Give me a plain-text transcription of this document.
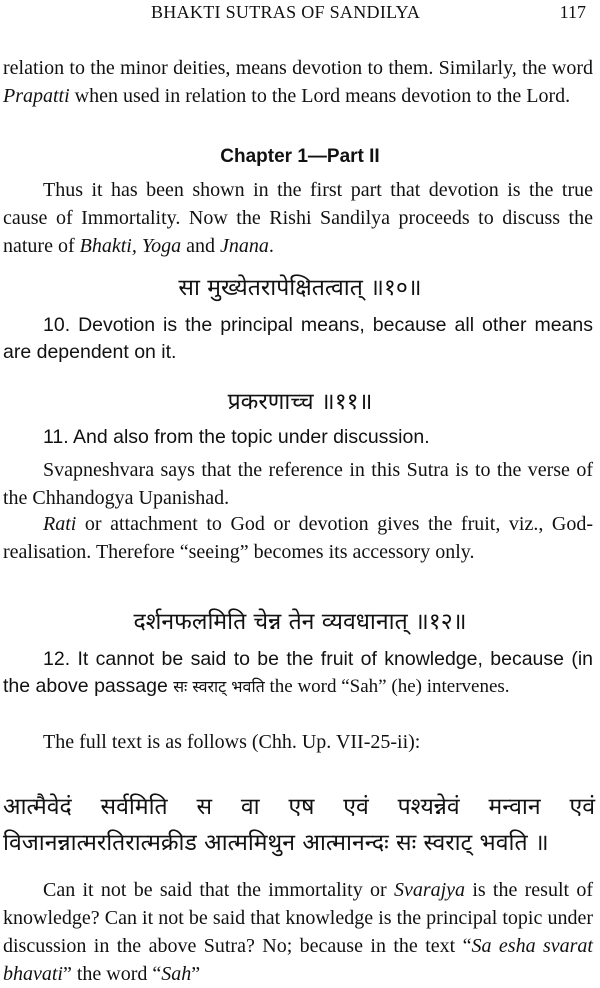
BHAKTI SUTRAS OF SANDILYA	117

relation to the minor deities, means devotion to them. Similarly, the word Prapatti when used in relation to the Lord means devotion to the Lord.

Chapter 1—Part II

Thus it has been shown in the first part that devotion is the true cause of Immortality. Now the Rishi Sandilya proceeds to discuss the nature of Bhakti, Yoga and Jnana.

सा मुख्येतरापेक्षितत्वात् ॥१०॥

10. Devotion is the principal means, because all other means are dependent on it.

प्रकरणाच्च ॥११॥

11. And also from the topic under discussion.

Svapneshvara says that the reference in this Sutra is to the verse of the Chhandogya Upanishad.

Rati or attachment to God or devotion gives the fruit, viz., God-realisation. Therefore “seeing” becomes its accessory only.

दर्शनफलमिति चेन्न तेन व्यवधानात् ॥१२॥

12. It cannot be said to be the fruit of knowledge, because (in the above passage सः स्वराट् भवति the word “Sah” (he) intervenes.

The full text is as follows (Chh. Up. VII-25-ii):

आत्मैवेदं सर्वमिति स वा एष एवं पश्यन्नेवं मन्वान एवं विजानन्नात्मरतिरात्मक्रीड आत्ममिथुन आत्मानन्दः सः स्वराट् भवति ॥

Can it not be said that the immortality or Svarajya is the result of knowledge? Can it not be said that knowledge is the principal topic under discussion in the above Sutra? No; because in the text “Sa esha svarat bhavati” the word “Sah”
